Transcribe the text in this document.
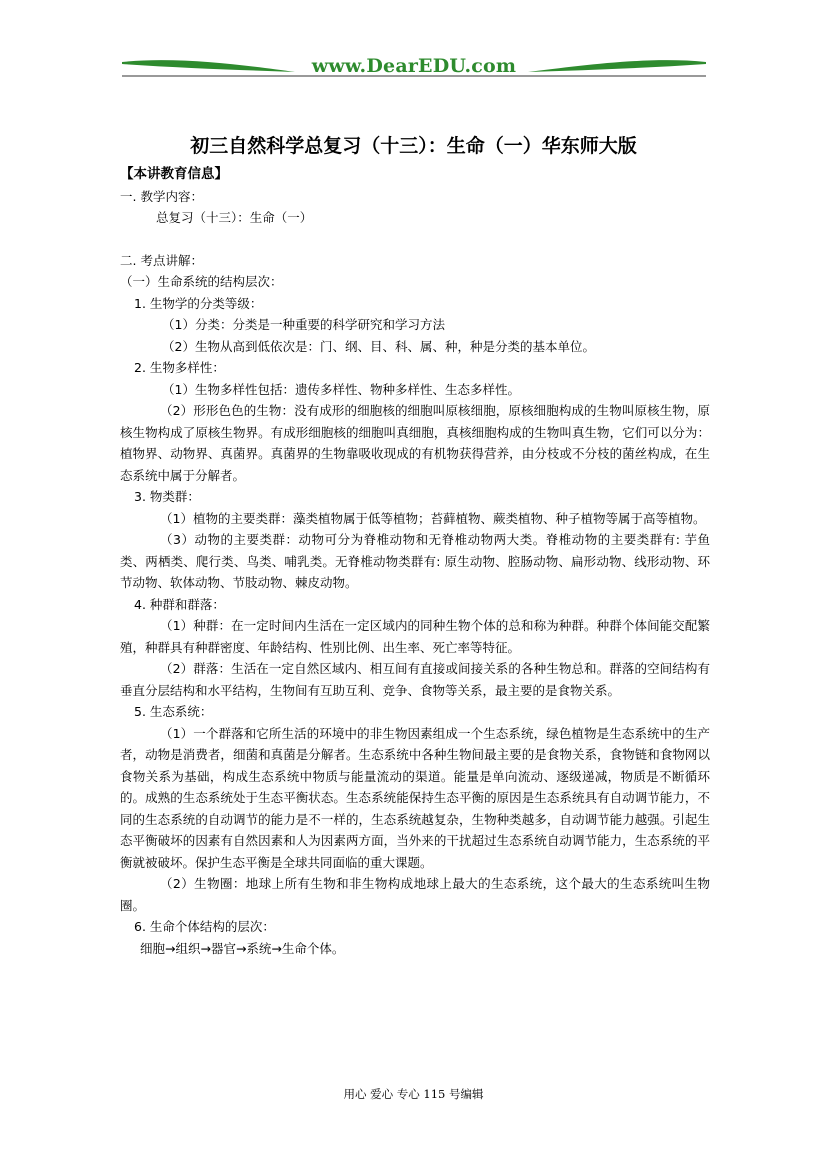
www.DearEDU.com
初三自然科学总复习（十三）：生命（一）华东师大版

【本讲教育信息】

一. 教学内容：

总复习（十三）：生命（一）

二. 考点讲解：

（一）生命系统的结构层次：

1. 生物学的分类等级：

（1）分类：分类是一种重要的科学研究和学习方法

（2）生物从高到低依次是：门、纲、目、科、属、种，种是分类的基本单位。

2. 生物多样性：

（1）生物多样性包括：遗传多样性、物种多样性、生态多样性。

（2）形形色色的生物：没有成形的细胞核的细胞叫原核细胞，原核细胞构成的生物叫原核生物，原核生物构成了原核生物界。有成形细胞核的细胞叫真细胞，真核细胞构成的生物叫真生物，它们可以分为：植物界、动物界、真菌界。真菌界的生物靠吸收现成的有机物获得营养，由分枝或不分枝的菌丝构成，在生态系统中属于分解者。

3. 物类群：

（1）植物的主要类群：藻类植物属于低等植物；苔藓植物、蕨类植物、种子植物等属于高等植物。

（3）动物的主要类群：动物可分为脊椎动物和无脊椎动物两大类。脊椎动物的主要类群有: 芋鱼类、两栖类、爬行类、鸟类、哺乳类。无脊椎动物类群有: 原生动物、腔肠动物、扁形动物、线形动物、环节动物、软体动物、节肢动物、棘皮动物。

4. 种群和群落：

（1）种群：在一定时间内生活在一定区域内的同种生物个体的总和称为种群。种群个体间能交配繁殖，种群具有种群密度、年龄结构、性别比例、出生率、死亡率等特征。

（2）群落：生活在一定自然区域内、相互间有直接或间接关系的各种生物总和。群落的空间结构有垂直分层结构和水平结构，生物间有互助互利、竞争、食物等关系，最主要的是食物关系。

5. 生态系统：

（1）一个群落和它所生活的环境中的非生物因素组成一个生态系统，绿色植物是生态系统中的生产者，动物是消费者，细菌和真菌是分解者。生态系统中各种生物间最主要的是食物关系，食物链和食物网以食物关系为基础，构成生态系统中物质与能量流动的渠道。能量是单向流动、逐级递减，物质是不断循环的。成熟的生态系统处于生态平衡状态。生态系统能保持生态平衡的原因是生态系统具有自动调节能力，不同的生态系统的自动调节的能力是不一样的，生态系统越复杂，生物种类越多，自动调节能力越强。引起生态平衡破坏的因素有自然因素和人为因素两方面，当外来的干扰超过生态系统自动调节能力，生态系统的平衡就被破坏。保护生态平衡是全球共同面临的重大课题。

（2）生物圈：地球上所有生物和非生物构成地球上最大的生态系统，这个最大的生态系统叫生物圈。

6. 生命个体结构的层次：

细胞→组织→器官→系统→生命个体。

用心 爱心 专心 115 号编辑
